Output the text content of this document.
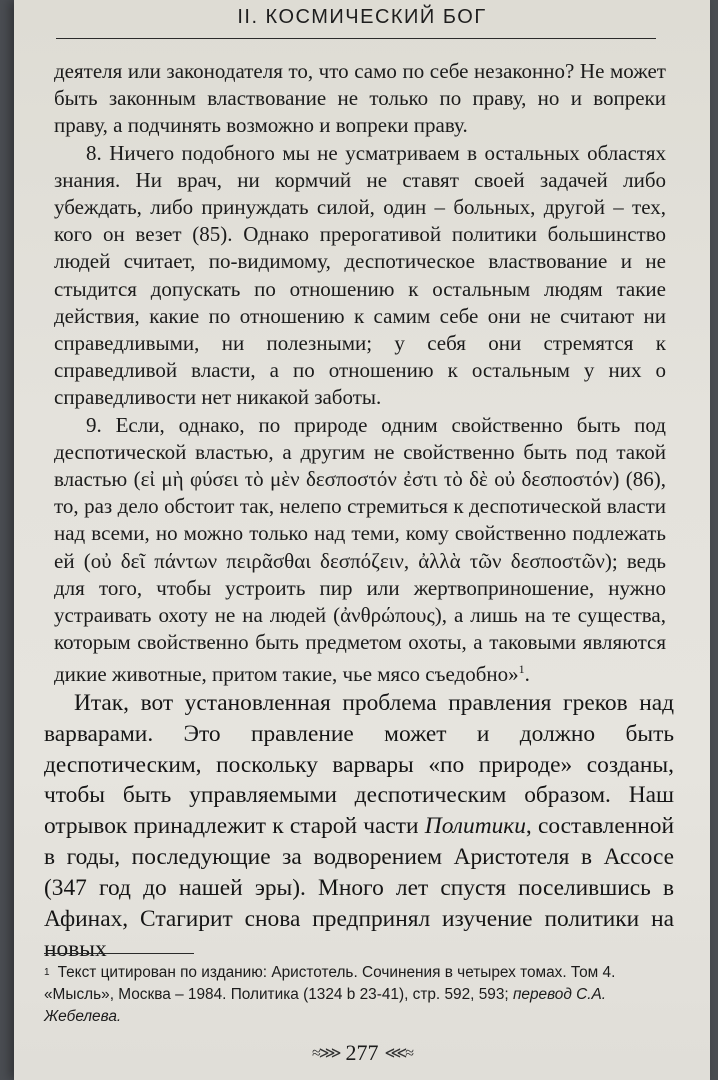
II. КОСМИЧЕСКИЙ БОГ

деятеля или законодателя то, что само по себе незаконно? Не может быть законным властвование не только по праву, но и вопреки праву, а подчинять возможно и вопреки праву.

8. Ничего подобного мы не усматриваем в остальных областях знания. Ни врач, ни кормчий не ставят своей задачей либо убеждать, либо принуждать силой, один – больных, другой – тех, кого он везет (85). Однако прерогативой политики большинство людей считает, по-видимому, деспотическое властвование и не стыдится допускать по отношению к остальным людям такие действия, какие по отношению к самим себе они не считают ни справедливыми, ни полезными; у себя они стремятся к справедливой власти, а по отношению к остальным у них о справедливости нет никакой заботы.

9. Если, однако, по природе одним свойственно быть под деспотической властью, а другим не свойственно быть под такой властью (εἰ μὴ φύσει τὸ μὲν δεσποστόν ἐστι τὸ δὲ οὐ δεσποστόν) (86), то, раз дело обстоит так, нелепо стремиться к деспотической власти над всеми, но можно только над теми, кому свойственно подлежать ей (οὐ δεῖ πάντων πειρᾶσθαι δεσπόζειν, ἀλλὰ τῶν δεσποστῶν); ведь для того, чтобы устроить пир или жертвоприношение, нужно устраивать охоту не на людей (ἀνθρώπους), а лишь на те существа, которым свойственно быть предметом охоты, а таковыми являются дикие животные, притом такие, чье мясо съедобно»$^1$.

Итак, вот установленная проблема правления греков над варварами. Это правление может и должно быть деспотическим, поскольку варвары «по природе» созданы, чтобы быть управляемыми деспотическим образом. Наш отрывок принадлежит к старой части Политики, составленной в годы, последующие за водворением Аристотеля в Ассосе (347 год до нашей эры). Много лет спустя поселившись в Афинах, Стагирит снова предпринял изучение политики на новых

$^1$ Текст цитирован по изданию: Аристотель. Сочинения в четырех томах. Том 4. «Мысль», Москва – 1984. Политика (1324 b 23-41), стр. 592, 593; перевод С.А. Жебелева.
≈⋙ 277 ⋘≈
